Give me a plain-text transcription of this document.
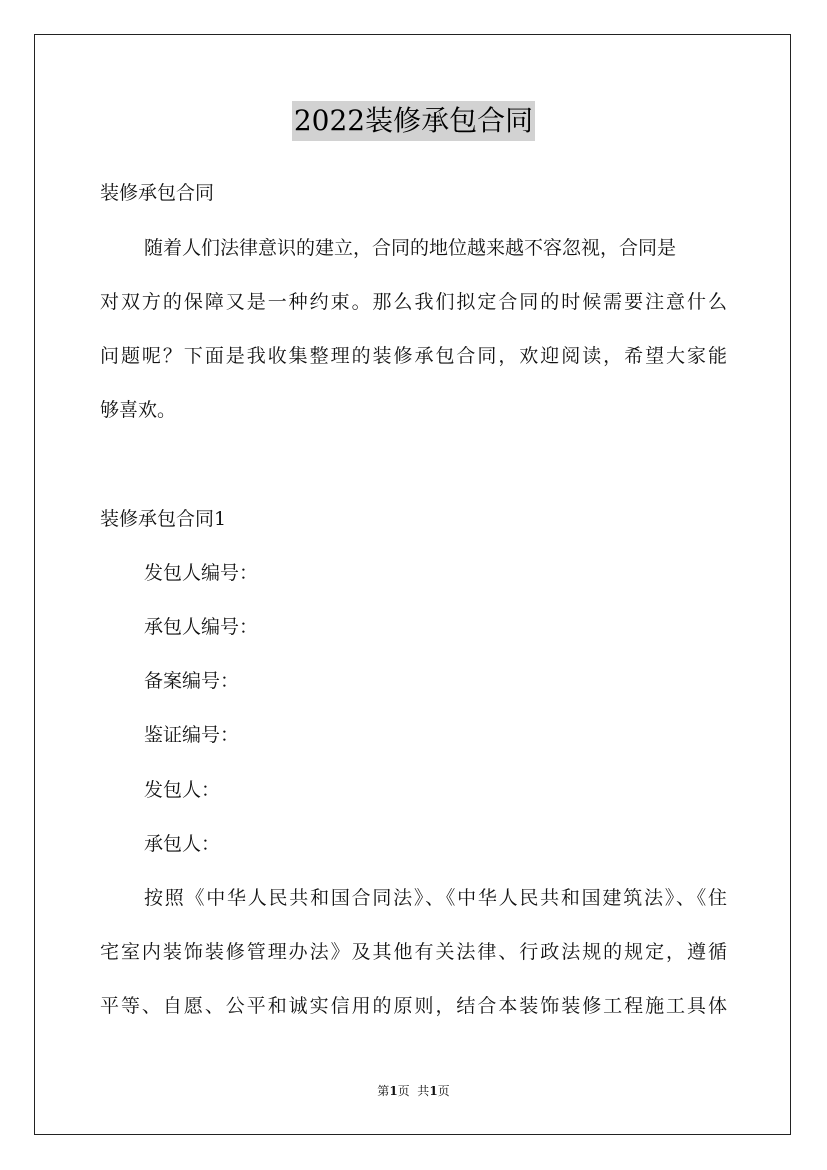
2022装修承包合同
装修承包合同
随着人们法律意识的建立，合同的地位越来越不容忽视，合同是
对双方的保障又是一种约束。那么我们拟定合同的时候需要注意什么
问题呢？下面是我收集整理的装修承包合同，欢迎阅读，希望大家能
够喜欢。
装修承包合同1
发包人编号：
承包人编号：
备案编号：
鉴证编号：
发包人：
承包人：
按照《中华人民共和国合同法》、《中华人民共和国建筑法》、《住
宅室内装饰装修管理办法》及其他有关法律、行政法规的规定，遵循
平等、自愿、公平和诚实信用的原则，结合本装饰装修工程施工具体
第1页  共1页
